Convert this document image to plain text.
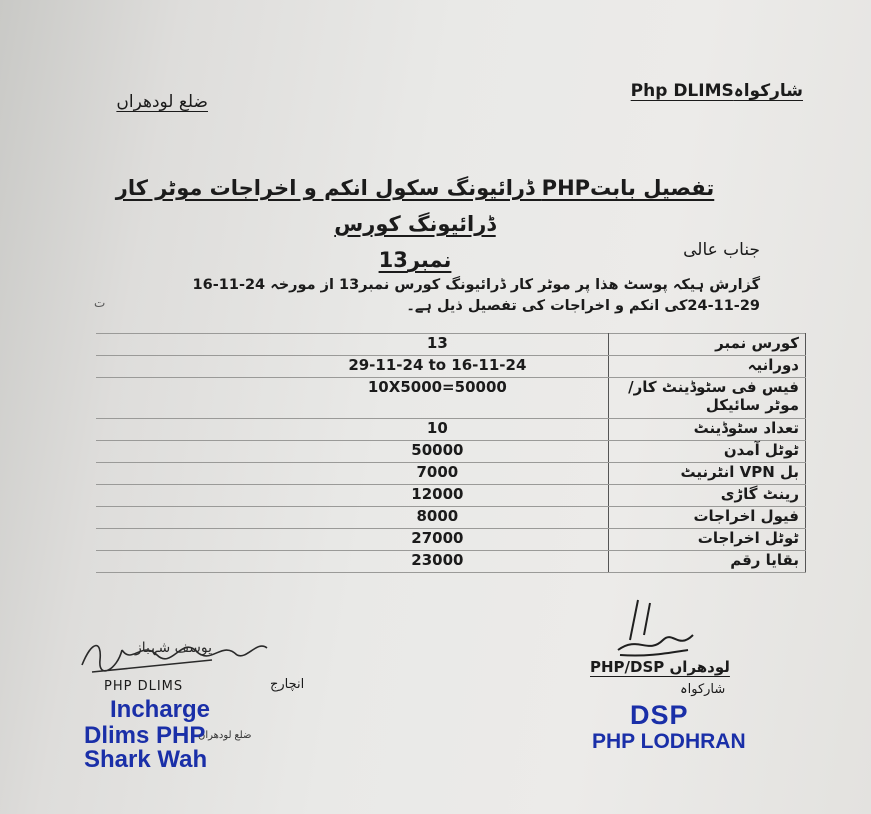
شارکواہPhp DLIMS
ضلع لودھراں
تفصیل بابتPHP ڈرائیونگ سکول انکم و اخراجات موٹر کار ڈرائیونگ کورس
نمبر13	جناب عالی
گزارش ہیکہ پوسٹ ھذا پر موٹر کار ڈرائیونگ کورس نمبر13 از مورخہ 24-11-16
24-11-29کی انکم و اخراجات کی تفصیل ذیل ہے۔
ت
	13	کورس نمبر
	29-11-24 to 16-11-24	دورانیہ
	10X5000=50000	فیس فی سٹوڈینٹ کار/موٹر سائیکل
	10	تعداد سٹوڈینٹ
	50000	ٹوٹل آمدن
	7000	بل VPN انٹرنیٹ
	12000	رینٹ گاڑی
	8000	فیول اخراجات
	27000	ٹوٹل اخراجات
	23000	بقایا رقم
یوسف شہباز
PHP DLIMS	انچارج
Incharge
Dlims PHP
ضلع لودھراں
Shark Wah
PHP/DSP لودھراں
شارکواہ
DSP
PHP LODHRAN
